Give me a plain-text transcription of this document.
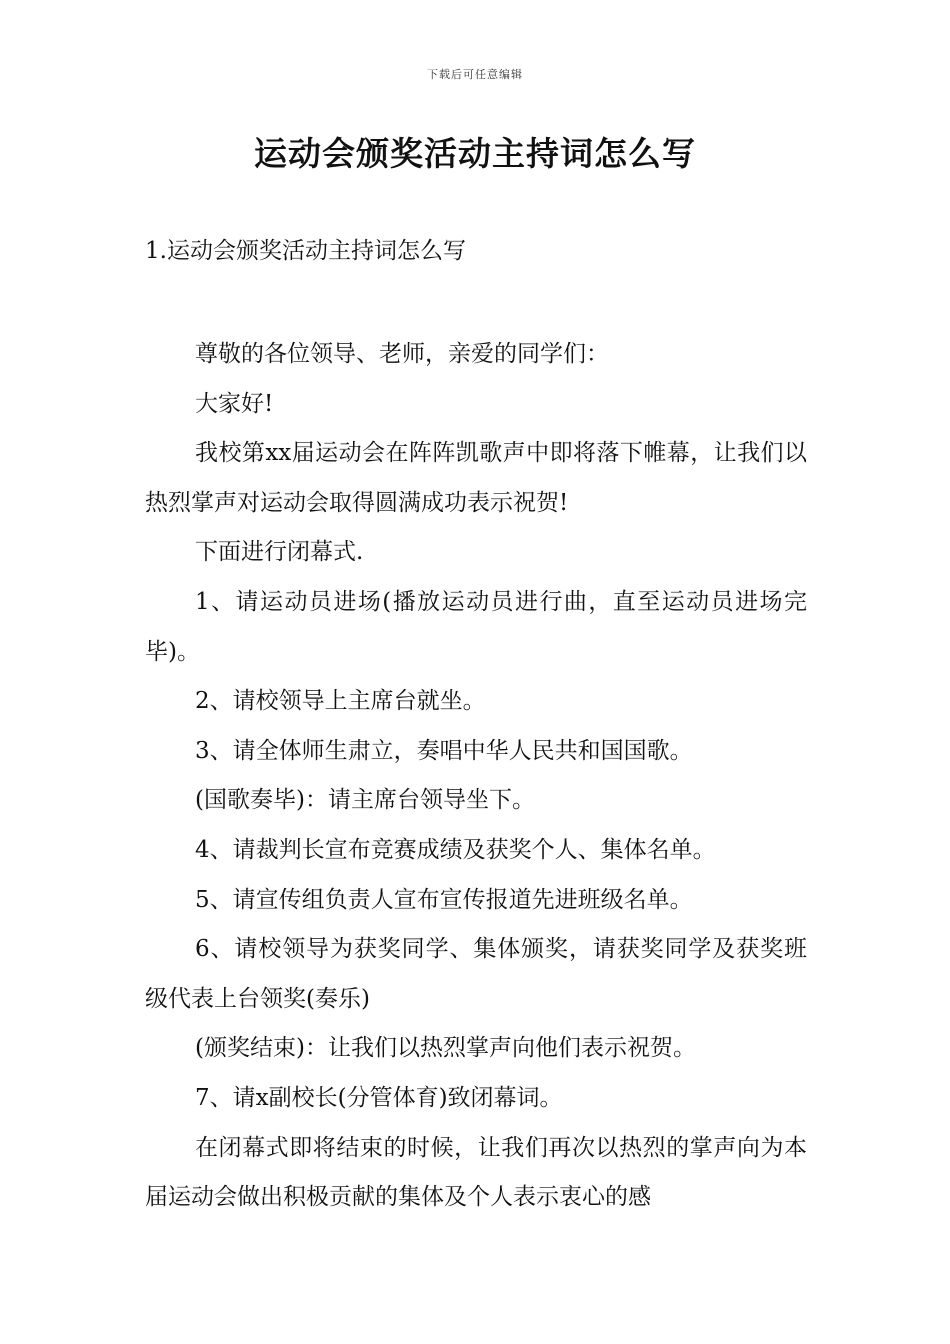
下载后可任意编辑
运动会颁奖活动主持词怎么写
1.运动会颁奖活动主持词怎么写

尊敬的各位领导、老师，亲爱的同学们：

大家好!

我校第xx届运动会在阵阵凯歌声中即将落下帷幕，让我们以热烈掌声对运动会取得圆满成功表示祝贺!

下面进行闭幕式.

1、请运动员进场(播放运动员进行曲，直至运动员进场完毕)。

2、请校领导上主席台就坐。

3、请全体师生肃立，奏唱中华人民共和国国歌。

(国歌奏毕)：请主席台领导坐下。

4、请裁判长宣布竞赛成绩及获奖个人、集体名单。

5、请宣传组负责人宣布宣传报道先进班级名单。

6、请校领导为获奖同学、集体颁奖，请获奖同学及获奖班级代表上台领奖(奏乐)

(颁奖结束)：让我们以热烈掌声向他们表示祝贺。

7、请x副校长(分管体育)致闭幕词。

在闭幕式即将结束的时候，让我们再次以热烈的掌声向为本届运动会做出积极贡献的集体及个人表示衷心的感
